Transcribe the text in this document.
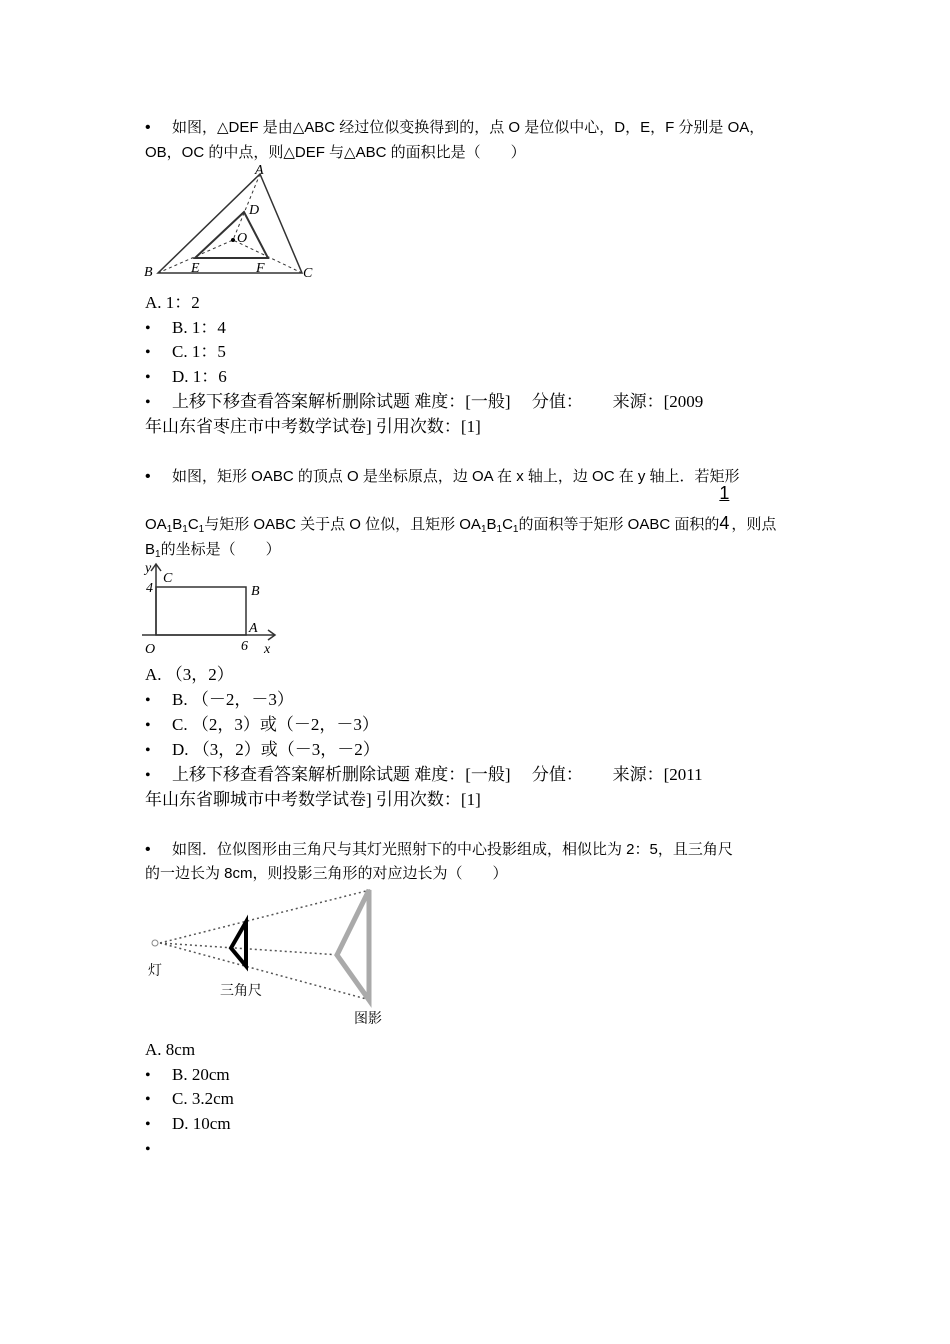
•如图，△DEF 是由△ABC 经过位似变换得到的，点 O 是位似中心，D，E，F 分别是 OA，
OB，OC 的中点，则△DEF 与△ABC 的面积比是（　　）
A
B	C
D
E	F
O
A. 1：2
•B. 1：4
•C. 1：5
•D. 1：6
•上移下移查看答案解析删除试题 难度：[一般]　 分值：　　 来源：[2009
年山东省枣庄市中考数学试卷] 引用次数：[1]
•如图，矩形 OABC 的顶点 O 是坐标原点，边 OA 在 x 轴上，边 OC 在 y 轴上．若矩形
$OA_1B_1C_1$与矩形 OABC 关于点 O 位似，且矩形 $OA_1B_1C_1$的面积等于矩形 OABC 面积的 $\frac{1}{4}$，则点
$B_1$的坐标是（　　）
y
C
4	B
A
O	6 x
A. （3，2）
•B. （－2，－3）
•C. （2，3）或（－2，－3）
•D. （3，2）或（－3，－2）
•上移下移查看答案解析删除试题 难度：[一般]　 分值：　　 来源：[2011
年山东省聊城市中考数学试卷] 引用次数：[1]
•如图．位似图形由三角尺与其灯光照射下的中心投影组成，相似比为 2：5，且三角尺
的一边长为 8cm，则投影三角形的对应边长为（　　）
灯
三角尺
图影
A. 8cm
•B. 20cm
•C. 3.2cm
•D. 10cm
•
